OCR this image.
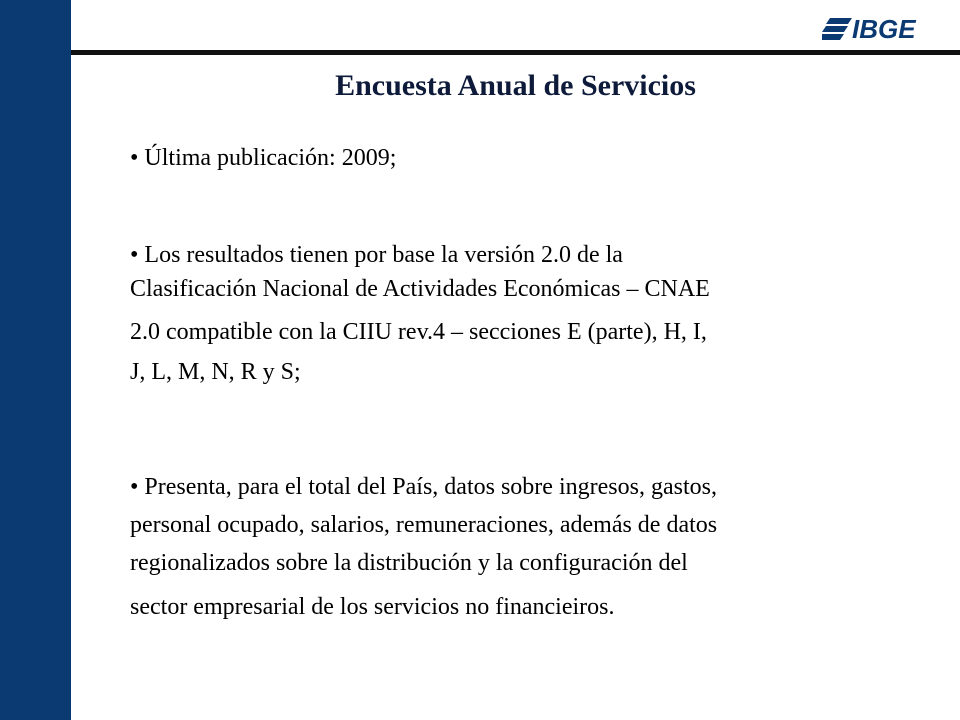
IBGE
Encuesta Anual de Servicios

• Última publicación: 2009;

• Los resultados tienen por base la versión 2.0 de la
Clasificación Nacional de Actividades Económicas – CNAE
2.0 compatible con la CIIU rev.4 – secciones E (parte), H, I,
J, L, M, N, R y S;

• Presenta, para el total del País, datos sobre ingresos, gastos,
personal ocupado, salarios, remuneraciones, además de datos
regionalizados sobre la distribución y la configuración del
sector empresarial de los servicios no financieiros.
